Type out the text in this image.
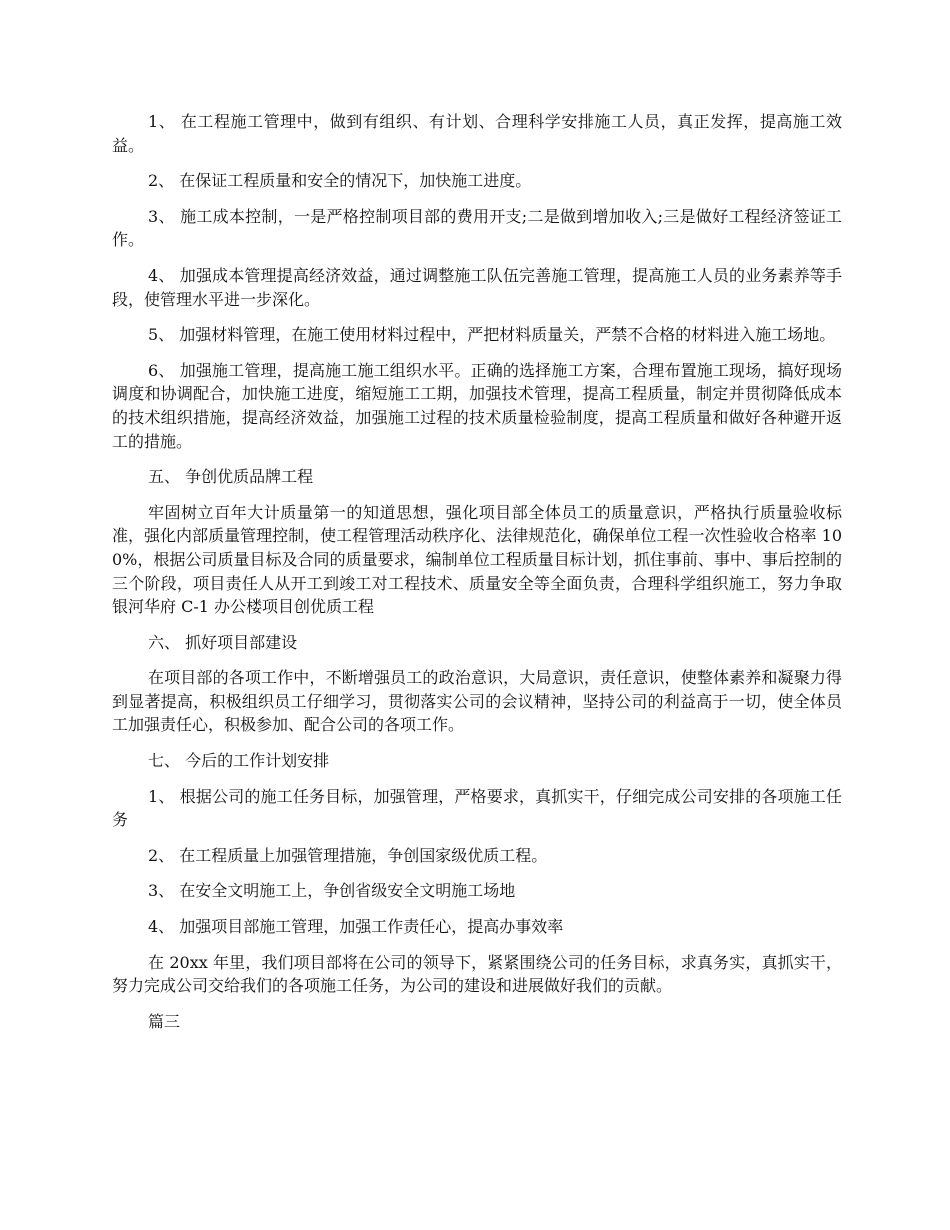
1、 在工程施工管理中，做到有组织、有计划、合理科学安排施工人员，真正发挥，提高施工效益。

2、 在保证工程质量和安全的情况下，加快施工进度。

3、 施工成本控制，一是严格控制项目部的费用开支;二是做到增加收入;三是做好工程经济签证工作。

4、 加强成本管理提高经济效益，通过调整施工队伍完善施工管理，提高施工人员的业务素养等手段，使管理水平进一步深化。

5、 加强材料管理，在施工使用材料过程中，严把材料质量关，严禁不合格的材料进入施工场地。

6、 加强施工管理，提高施工施工组织水平。正确的选择施工方案，合理布置施工现场，搞好现场调度和协调配合，加快施工进度，缩短施工工期，加强技术管理，提高工程质量，制定并贯彻降低成本的技术组织措施，提高经济效益，加强施工过程的技术质量检验制度，提高工程质量和做好各种避开返工的措施。

五、 争创优质品牌工程

牢固树立百年大计质量第一的知道思想，强化项目部全体员工的质量意识，严格执行质量验收标准，强化内部质量管理控制，使工程管理活动秩序化、法律规范化，确保单位工程一次性验收合格率 100%，根据公司质量目标及合同的质量要求，编制单位工程质量目标计划，抓住事前、事中、事后控制的三个阶段，项目责任人从开工到竣工对工程技术、质量安全等全面负责，合理科学组织施工，努力争取银河华府 C-1 办公楼项目创优质工程

六、 抓好项目部建设

在项目部的各项工作中，不断增强员工的政治意识，大局意识，责任意识，使整体素养和凝聚力得到显著提高，积极组织员工仔细学习，贯彻落实公司的会议精神，坚持公司的利益高于一切，使全体员工加强责任心，积极参加、配合公司的各项工作。

七、 今后的工作计划安排

1、 根据公司的施工任务目标，加强管理，严格要求，真抓实干，仔细完成公司安排的各项施工任务

2、 在工程质量上加强管理措施，争创国家级优质工程。

3、 在安全文明施工上，争创省级安全文明施工场地

4、 加强项目部施工管理，加强工作责任心，提高办事效率

在 20xx 年里，我们项目部将在公司的领导下，紧紧围绕公司的任务目标，求真务实，真抓实干，努力完成公司交给我们的各项施工任务，为公司的建设和进展做好我们的贡献。

篇三
